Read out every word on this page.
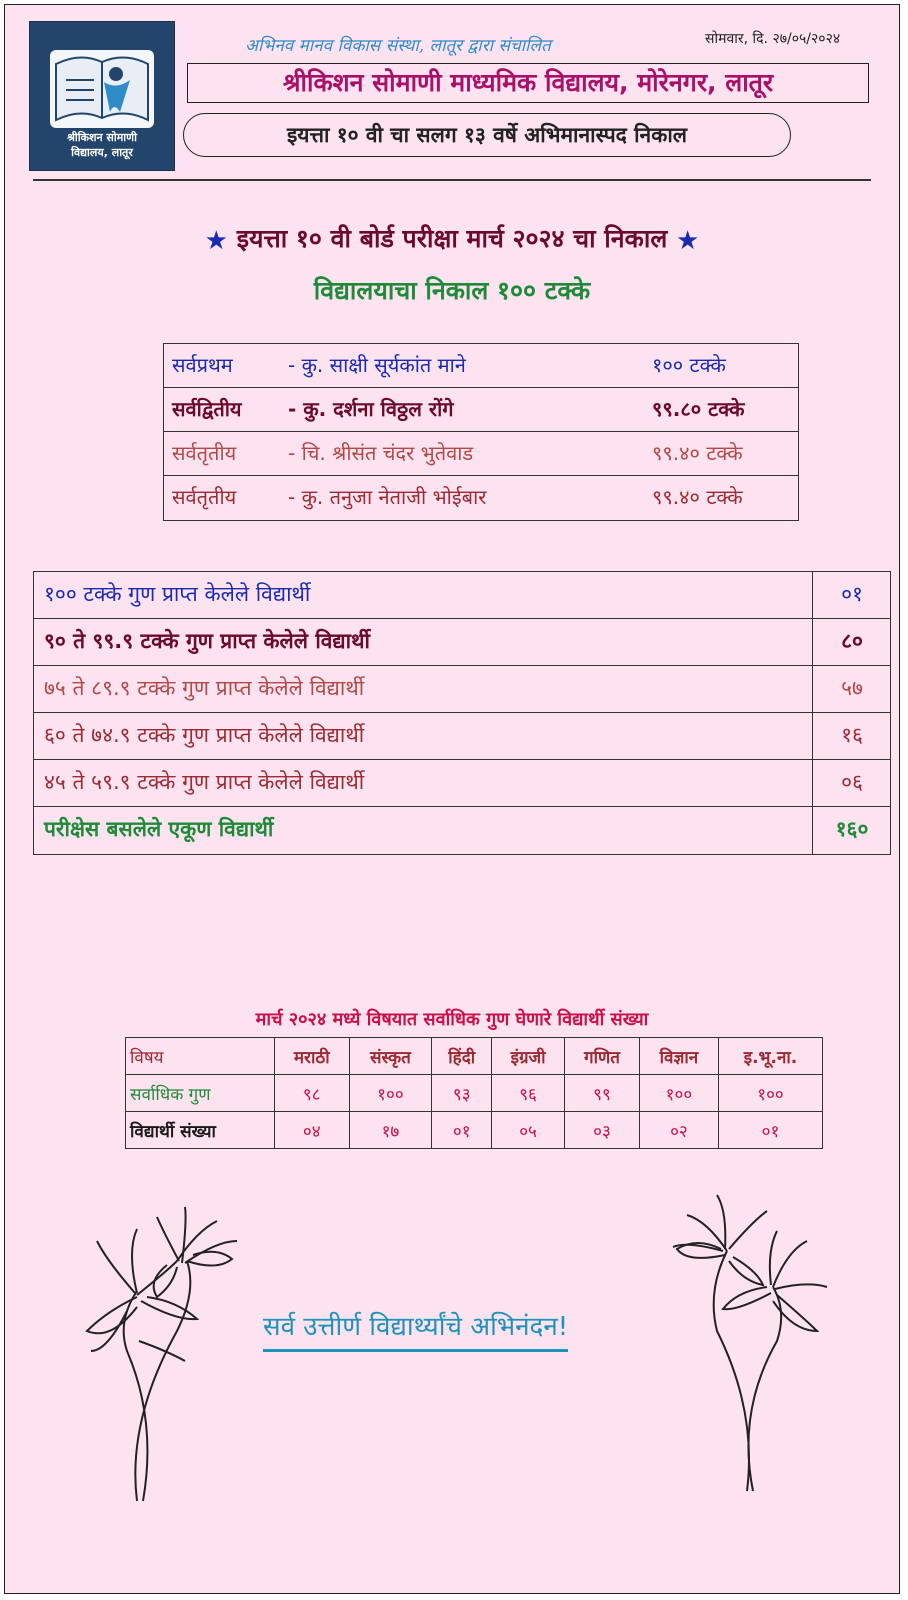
श्रीकिशन सोमाणी
विद्यालय, लातूर
अभिनव मानव विकास संस्था, लातूर द्वारा संचालित	सोमवार, दि. २७/०५/२०२४
श्रीकिशन सोमाणी माध्यमिक विद्यालय, मोरेनगर, लातूर
इयत्ता १० वी चा सलग १३ वर्षे अभिमानास्पद निकाल
★ इयत्ता १० वी बोर्ड परीक्षा मार्च २०२४ चा निकाल ★
विद्यालयाचा निकाल १०० टक्के
सर्वप्रथम	- कु. साक्षी सूर्यकांत माने	१०० टक्के
सर्वद्वितीय - कु. दर्शना विठ्ठल रोंगे	९९.८० टक्के
सर्वतृतीय	- चि. श्रीसंत चंदर भुतेवाड	९९.४० टक्के
सर्वतृतीय	- कु. तनुजा नेताजी भोईबार	९९.४० टक्के
१०० टक्के गुण प्राप्त केलेले विद्यार्थी	०१
९० ते ९९.९ टक्के गुण प्राप्त केलेले विद्यार्थी	८०
७५ ते ८९.९ टक्के गुण प्राप्त केलेले विद्यार्थी	५७
६० ते ७४.९ टक्के गुण प्राप्त केलेले विद्यार्थी	१६
४५ ते ५९.९ टक्के गुण प्राप्त केलेले विद्यार्थी	०६
परीक्षेस बसलेले एकूण विद्यार्थी	१६०
मार्च २०२४ मध्ये विषयात सर्वाधिक गुण घेणारे विद्यार्थी संख्या
विषय	मराठी	संस्कृत	हिंदी	इंग्रजी	गणित	विज्ञान	इ.भू.ना.
सर्वाधिक गुण	९८	१००	९३	९६	९९	१००	१००
विद्यार्थी संख्या	०४	१७	०१	०५	०३	०२	०१
सर्व उत्तीर्ण विद्यार्थ्यांचे अभिनंदन!
